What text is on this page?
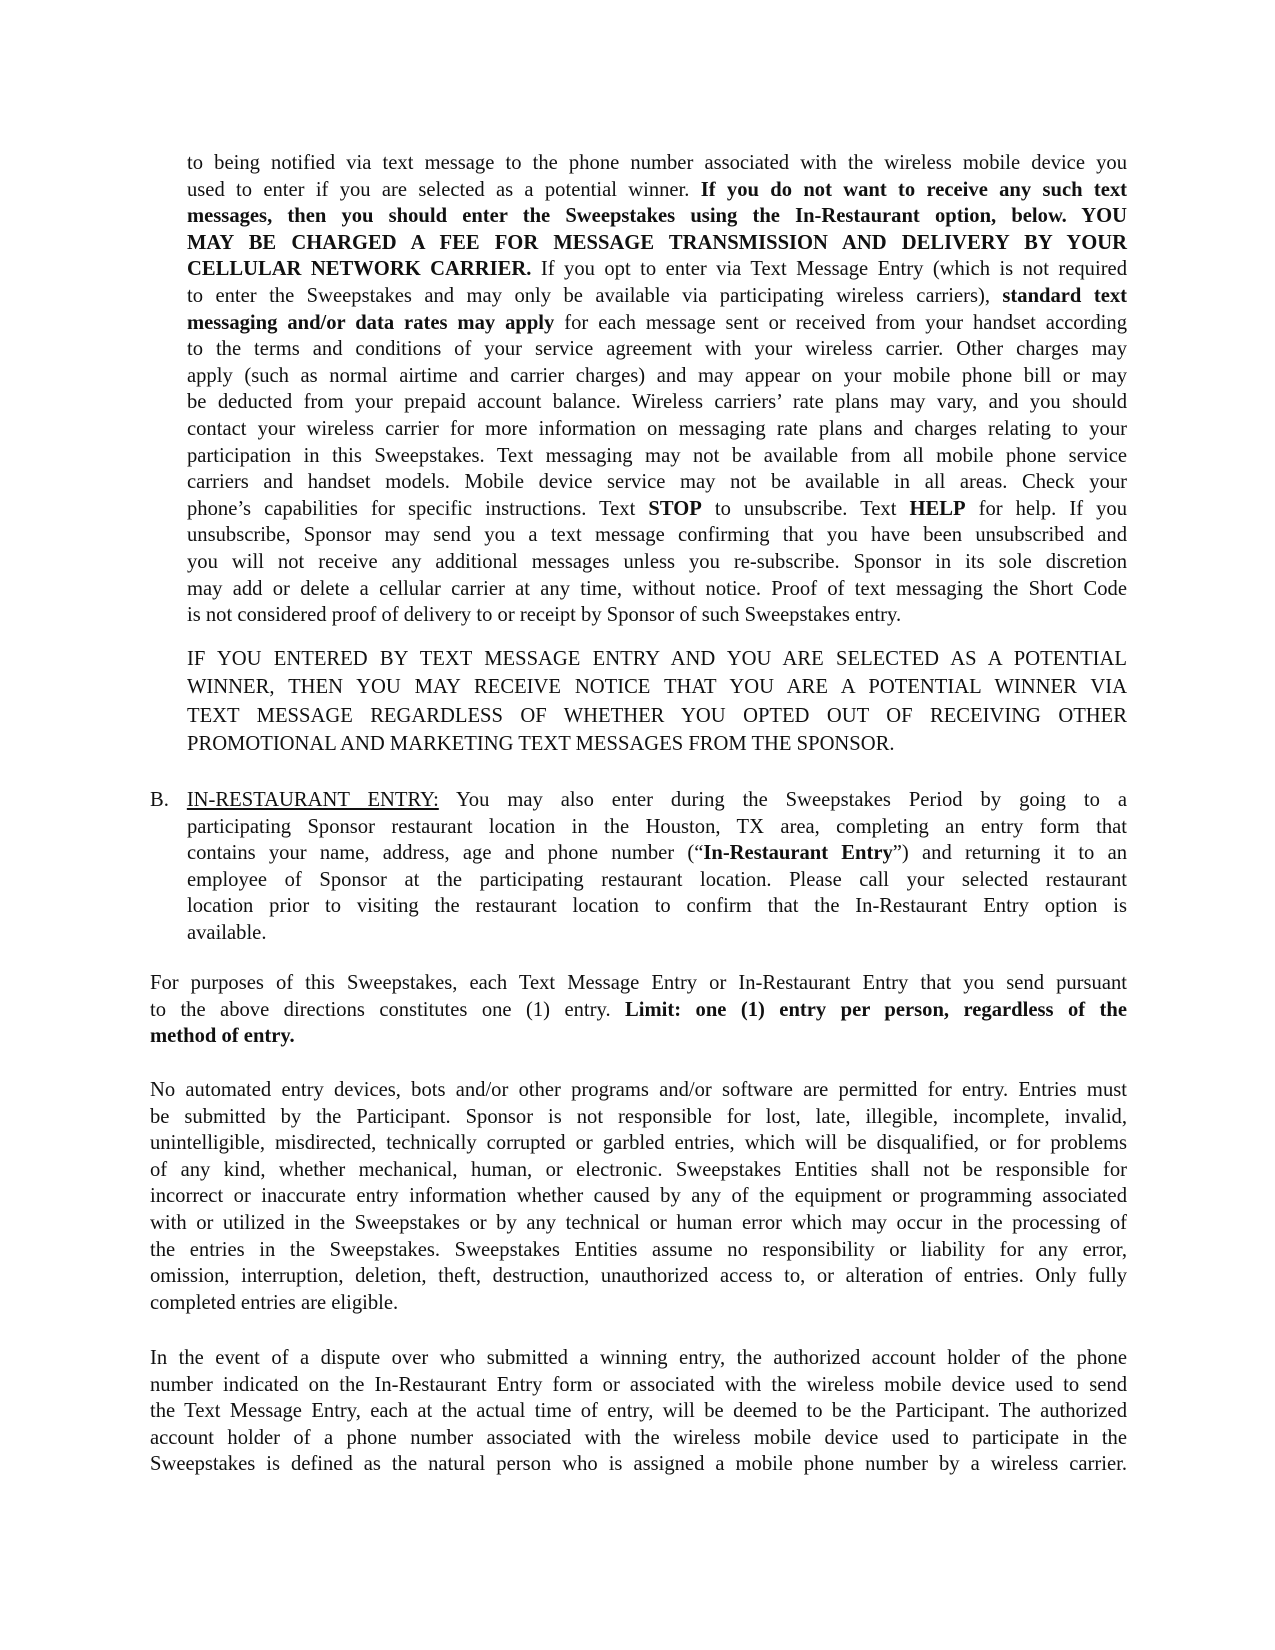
to being notified via text message to the phone number associated with the wireless mobile device you
used to enter if you are selected as a potential winner. If you do not want to receive any such text
messages, then you should enter the Sweepstakes using the In-Restaurant option, below. YOU
MAY BE CHARGED A FEE FOR MESSAGE TRANSMISSION AND DELIVERY BY YOUR
CELLULAR NETWORK CARRIER. If you opt to enter via Text Message Entry (which is not required
to enter the Sweepstakes and may only be available via participating wireless carriers), standard text
messaging and/or data rates may apply for each message sent or received from your handset according
to the terms and conditions of your service agreement with your wireless carrier. Other charges may
apply (such as normal airtime and carrier charges) and may appear on your mobile phone bill or may
be deducted from your prepaid account balance. Wireless carriers’ rate plans may vary, and you should
contact your wireless carrier for more information on messaging rate plans and charges relating to your
participation in this Sweepstakes. Text messaging may not be available from all mobile phone service
carriers and handset models. Mobile device service may not be available in all areas. Check your
phone’s capabilities for specific instructions. Text STOP to unsubscribe. Text HELP for help. If you
unsubscribe, Sponsor may send you a text message confirming that you have been unsubscribed and
you will not receive any additional messages unless you re-subscribe. Sponsor in its sole discretion
may add or delete a cellular carrier at any time, without notice. Proof of text messaging the Short Code
is not considered proof of delivery to or receipt by Sponsor of such Sweepstakes entry.
IF YOU ENTERED BY TEXT MESSAGE ENTRY AND YOU ARE SELECTED AS A POTENTIAL
WINNER, THEN YOU MAY RECEIVE NOTICE THAT YOU ARE A POTENTIAL WINNER VIA
TEXT MESSAGE REGARDLESS OF WHETHER YOU OPTED OUT OF RECEIVING OTHER
PROMOTIONAL AND MARKETING TEXT MESSAGES FROM THE SPONSOR.
B. IN-RESTAURANT ENTRY: You may also enter during the Sweepstakes Period by going to a
participating Sponsor restaurant location in the Houston, TX area, completing an entry form that
contains your name, address, age and phone number (“In-Restaurant Entry”) and returning it to an
employee of Sponsor at the participating restaurant location. Please call your selected restaurant
location prior to visiting the restaurant location to confirm that the In-Restaurant Entry option is
available.
For purposes of this Sweepstakes, each Text Message Entry or In-Restaurant Entry that you send pursuant
to the above directions constitutes one (1) entry. Limit: one (1) entry per person, regardless of the
method of entry.
No automated entry devices, bots and/or other programs and/or software are permitted for entry. Entries must
be submitted by the Participant. Sponsor is not responsible for lost, late, illegible, incomplete, invalid,
unintelligible, misdirected, technically corrupted or garbled entries, which will be disqualified, or for problems
of any kind, whether mechanical, human, or electronic. Sweepstakes Entities shall not be responsible for
incorrect or inaccurate entry information whether caused by any of the equipment or programming associated
with or utilized in the Sweepstakes or by any technical or human error which may occur in the processing of
the entries in the Sweepstakes. Sweepstakes Entities assume no responsibility or liability for any error,
omission, interruption, deletion, theft, destruction, unauthorized access to, or alteration of entries. Only fully
completed entries are eligible.
In the event of a dispute over who submitted a winning entry, the authorized account holder of the phone
number indicated on the In-Restaurant Entry form or associated with the wireless mobile device used to send
the Text Message Entry, each at the actual time of entry, will be deemed to be the Participant. The authorized
account holder of a phone number associated with the wireless mobile device used to participate in the
Sweepstakes is defined as the natural person who is assigned a mobile phone number by a wireless carrier.
